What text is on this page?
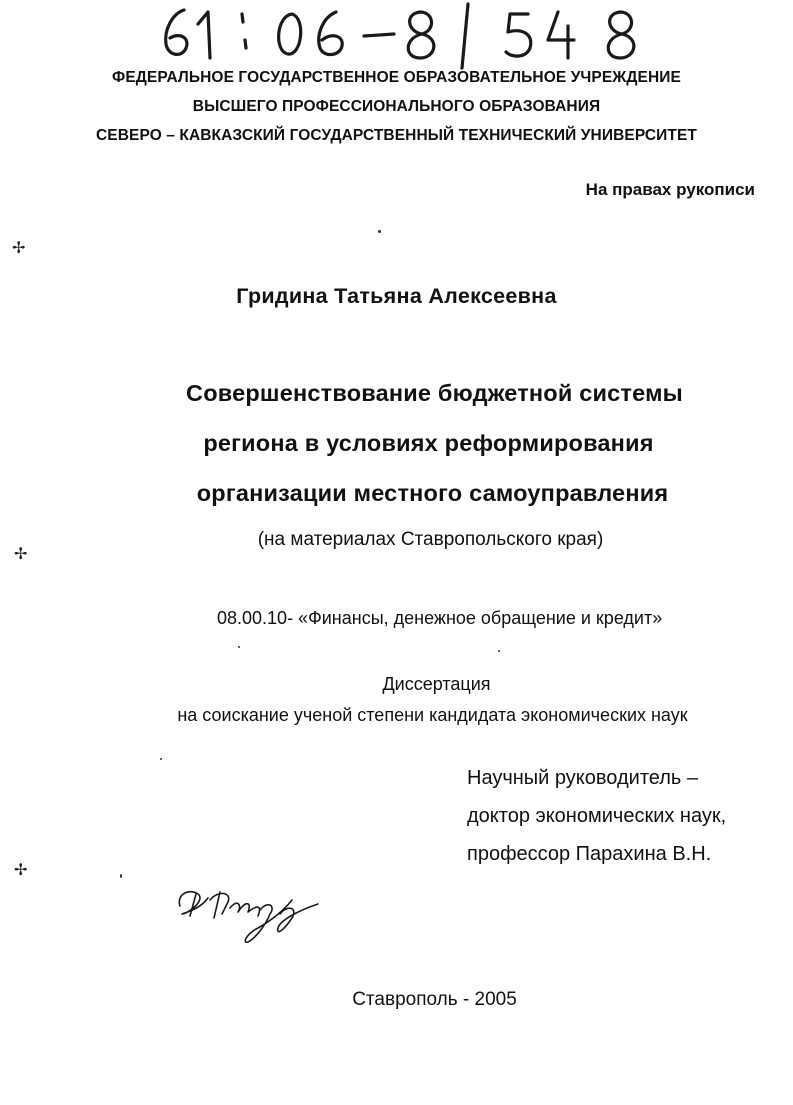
ФЕДЕРАЛЬНОЕ ГОСУДАРСТВЕННОЕ ОБРАЗОВАТЕЛЬНОЕ УЧРЕЖДЕНИЕ
ВЫСШЕГО ПРОФЕССИОНАЛЬНОГО ОБРАЗОВАНИЯ
СЕВЕРО – КАВКАЗСКИЙ ГОСУДАРСТВЕННЫЙ ТЕХНИЧЕСКИЙ УНИВЕРСИТЕТ
На правах рукописи
Гридина Татьяна Алексеевна
Совершенствование бюджетной системы
региона в условиях реформирования
организации местного самоуправления
(на материалах Ставропольского края)
08.00.10- «Финансы, денежное обращение и кредит»
Диссертация
на соискание ученой степени кандидата экономических наук
Научный руководитель –
доктор экономических наук,
профессор Парахина В.Н.
Ставрополь - 2005
✢
✢
✢
